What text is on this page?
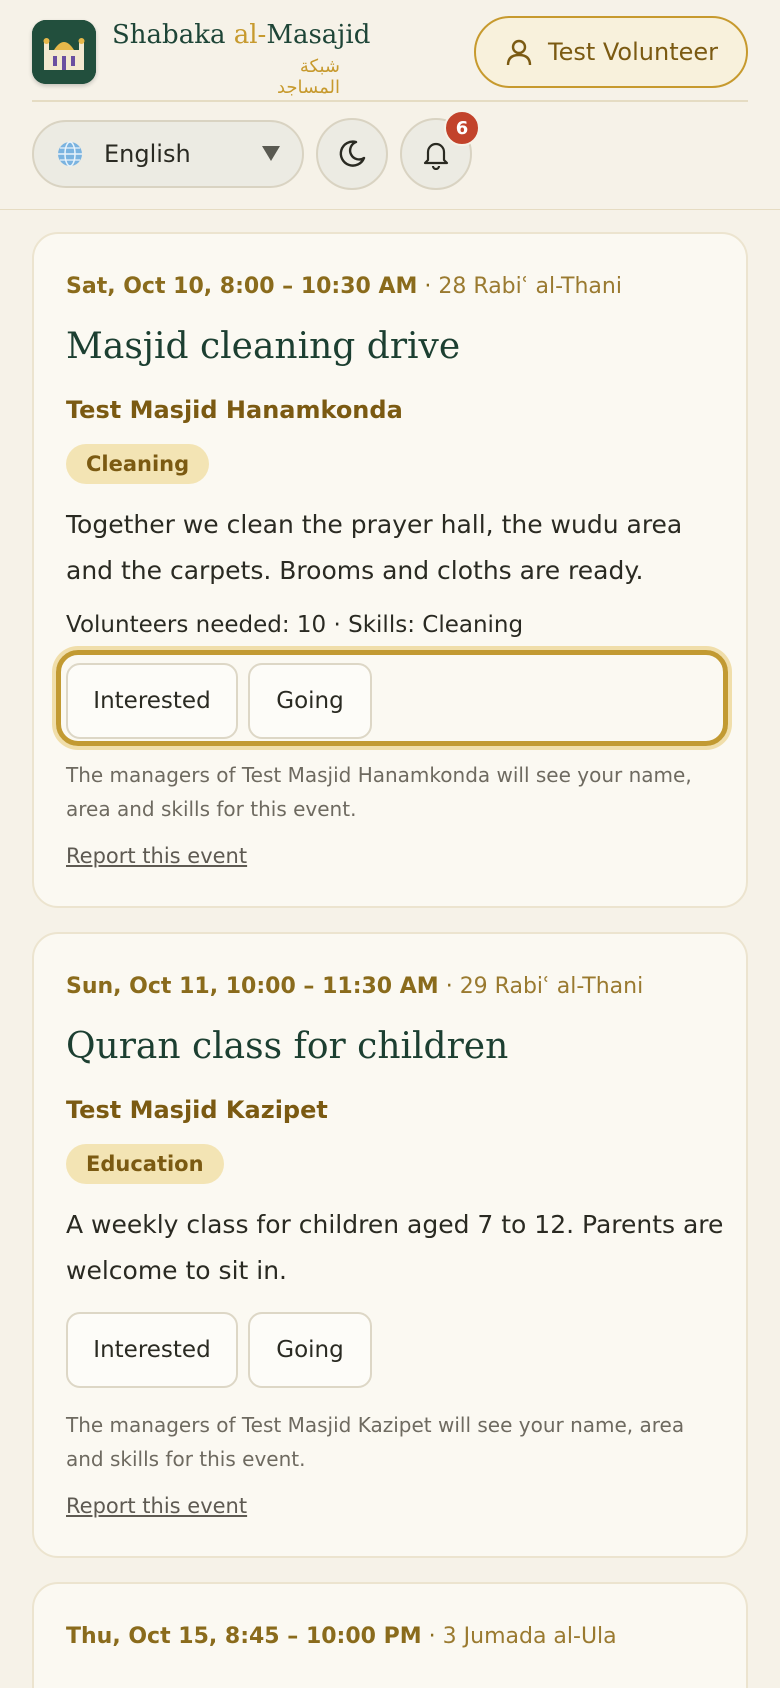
Shabaka al-Masajid
شبكة المساجد
Test Volunteer
English
6
Sat, Oct 10, 8:00 – 10:30 AM · 28 Rabiʿ al-Thani
Masjid cleaning drive
Test Masjid Hanamkonda
Cleaning
Together we clean the prayer hall, the wudu area and the carpets. Brooms and cloths are ready.
Volunteers needed: 10 · Skills: Cleaning
Interested	Going
The managers of Test Masjid Hanamkonda will see your name, area and skills for this event.
Report this event
Sun, Oct 11, 10:00 – 11:30 AM · 29 Rabiʿ al-Thani
Quran class for children
Test Masjid Kazipet
Education
A weekly class for children aged 7 to 12. Parents are welcome to sit in.
Interested	Going
The managers of Test Masjid Kazipet will see your name, area and skills for this event.
Report this event
Thu, Oct 15, 8:45 – 10:00 PM · 3 Jumada al-Ula
